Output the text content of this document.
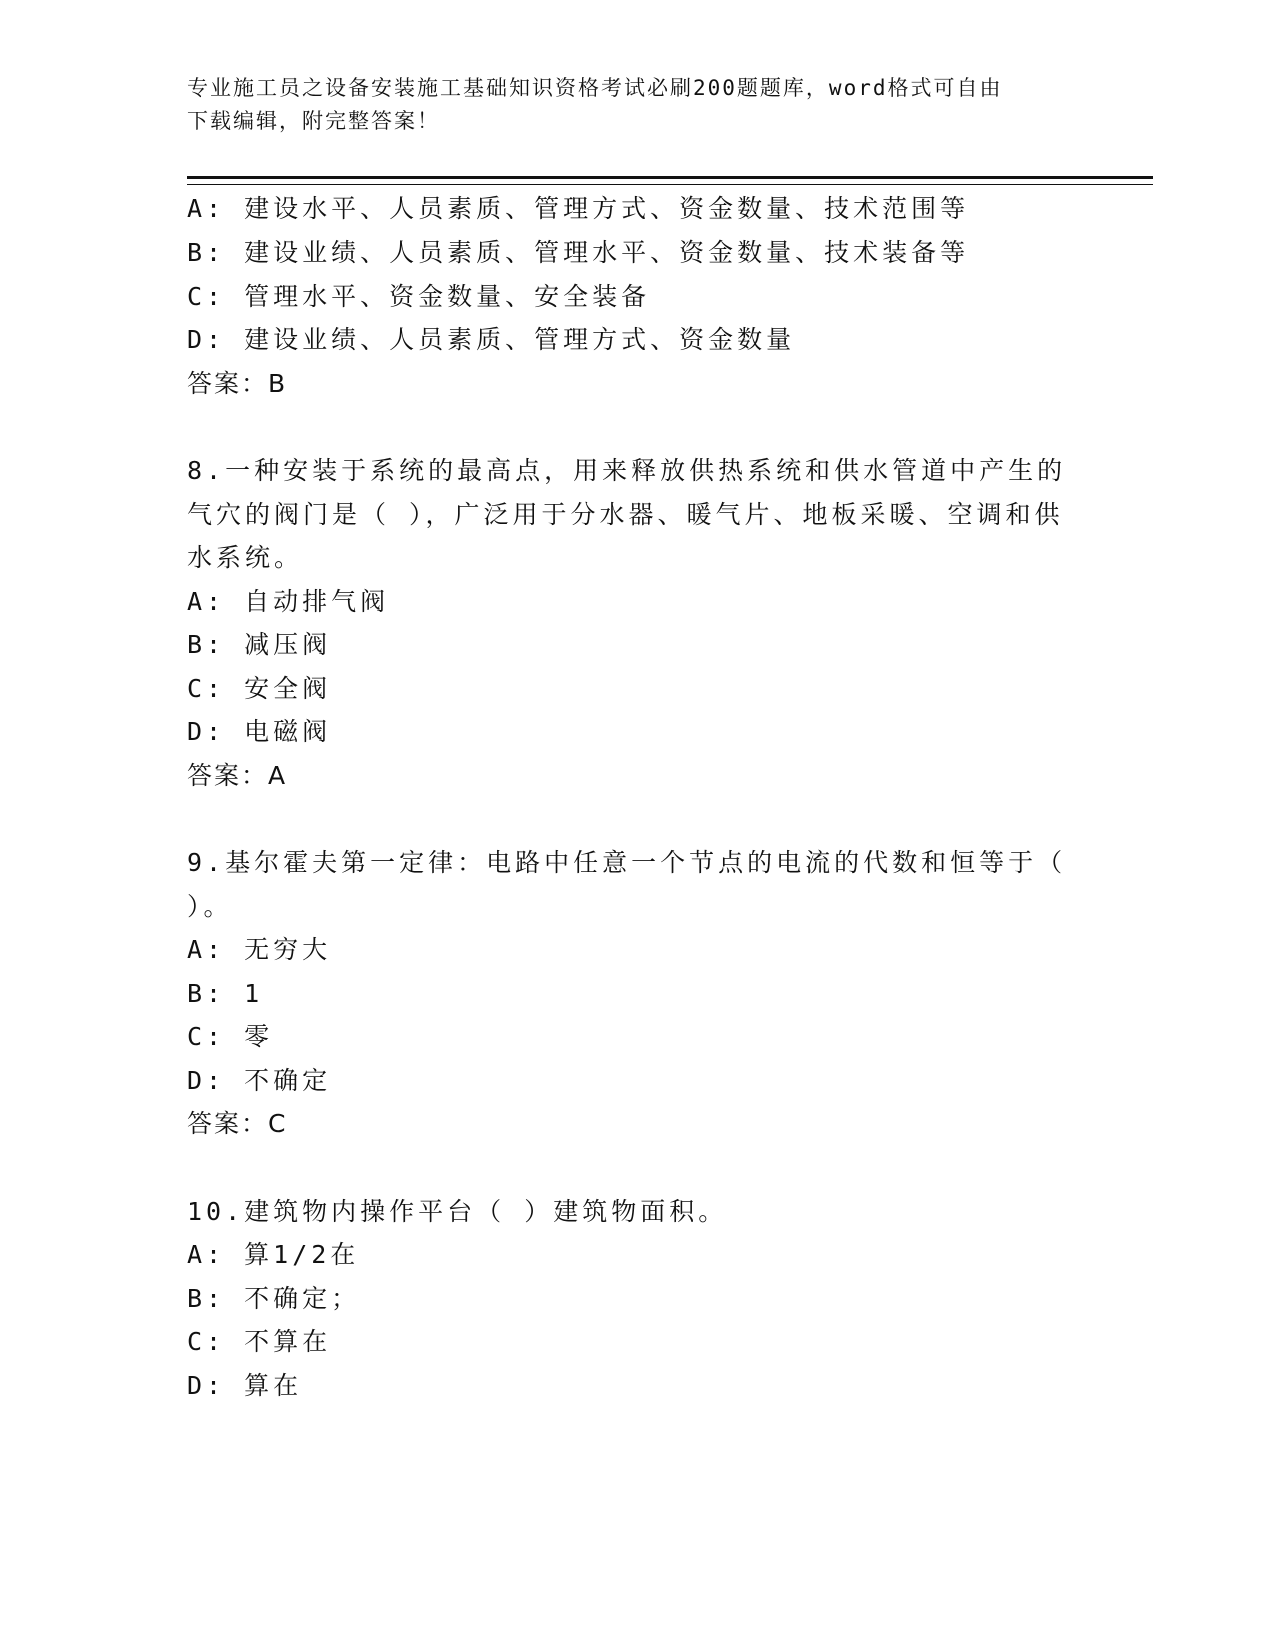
专业施工员之设备安装施工基础知识资格考试必刷200题题库，word格式可自由
下载编辑，附完整答案！
A: 建设水平、人员素质、管理方式、资金数量、技术范围等
B: 建设业绩、人员素质、管理水平、资金数量、技术装备等
C: 管理水平、资金数量、安全装备
D: 建设业绩、人员素质、管理方式、资金数量
答案：B
8.一种安装于系统的最高点，用来释放供热系统和供水管道中产生的
气穴的阀门是（ ），广泛用于分水器、暖气片、地板采暖、空调和供
水系统。
A: 自动排气阀
B: 减压阀
C: 安全阀
D: 电磁阀
答案：A
9.基尔霍夫第一定律：电路中任意一个节点的电流的代数和恒等于（
）。
A: 无穷大
B: 1
C: 零
D: 不确定
答案：C
10.建筑物内操作平台（ ）建筑物面积。
A: 算1/2在
B: 不确定；
C: 不算在
D: 算在
